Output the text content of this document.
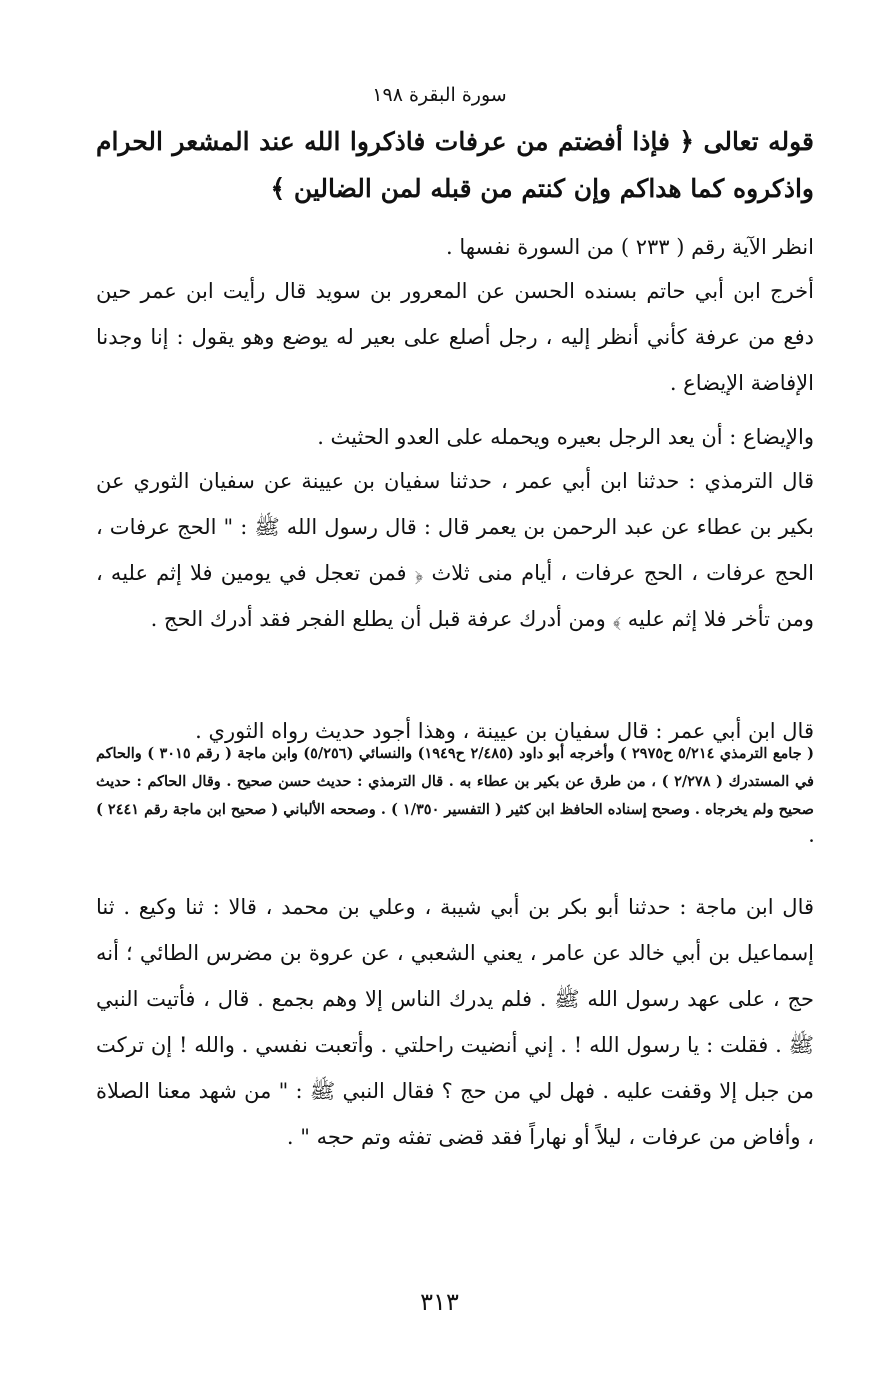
سورة البقرة ١٩٨

قوله تعالى ﴿ فإذا أفضتم من عرفات فاذكروا الله عند المشعر الحرام واذكروه كما هداكم وإن كنتم من قبله لمن الضالين ﴾

انظر الآية رقم ( ٢٣٣ ) من السورة نفسها .

أخرج ابن أبي حاتم بسنده الحسن عن المعرور بن سويد قال رأيت ابن عمر حين دفع من عرفة كأني أنظر إليه ، رجل أصلع على بعير له يوضع وهو يقول : إنا وجدنا الإفاضة الإيضاع .

والإيضاع : أن يعد الرجل بعيره ويحمله على العدو الحثيث .

قال الترمذي : حدثنا ابن أبي عمر ، حدثنا سفيان بن عيينة عن سفيان الثوري عن بكير بن عطاء عن عبد الرحمن بن يعمر قال : قال رسول الله ﷺ : " الحج عرفات ، الحج عرفات ، الحج عرفات ، أيام منى ثلاث ﴿ فمن تعجل في يومين فلا إثم عليه ، ومن تأخر فلا إثم عليه ﴾ ومن أدرك عرفة قبل أن يطلع الفجر فقد أدرك الحج .

قال ابن أبي عمر : قال سفيان بن عيينة ، وهذا أجود حديث رواه الثوري .

( جامع الترمذي ٥/٢١٤ ح٢٩٧٥ ) وأخرجه أبو داود (٢/٤٨٥ ح١٩٤٩) والنسائي (٥/٢٥٦) وابن ماجة ( رقم ٣٠١٥ ) والحاكم في المستدرك ( ٢/٢٧٨ ) ، من طرق عن بكير بن عطاء به . قال الترمذي : حديث حسن صحيح . وقال الحاكم : حديث صحيح ولم يخرجاه . وصحح إسناده الحافظ ابن كثير ( التفسير ١/٣٥٠ ) . وصححه الألباني ( صحيح ابن ماجة رقم ٢٤٤١ ) .

قال ابن ماجة : حدثنا أبو بكر بن أبي شيبة ، وعلي بن محمد ، قالا : ثنا وكيع . ثنا إسماعيل بن أبي خالد عن عامر ، يعني الشعبي ، عن عروة بن مضرس الطائي ؛ أنه حج ، على عهد رسول الله ﷺ . فلم يدرك الناس إلا وهم بجمع . قال ، فأتيت النبي ﷺ . فقلت : يا رسول الله ! . إني أنضيت راحلتي . وأتعبت نفسي . والله ! إن تركت من جبل إلا وقفت عليه . فهل لي من حج ؟ فقال النبي ﷺ : " من شهد معنا الصلاة ، وأفاض من عرفات ، ليلاً أو نهاراً فقد قضى تفثه وتم حجه " .

٣١٣
